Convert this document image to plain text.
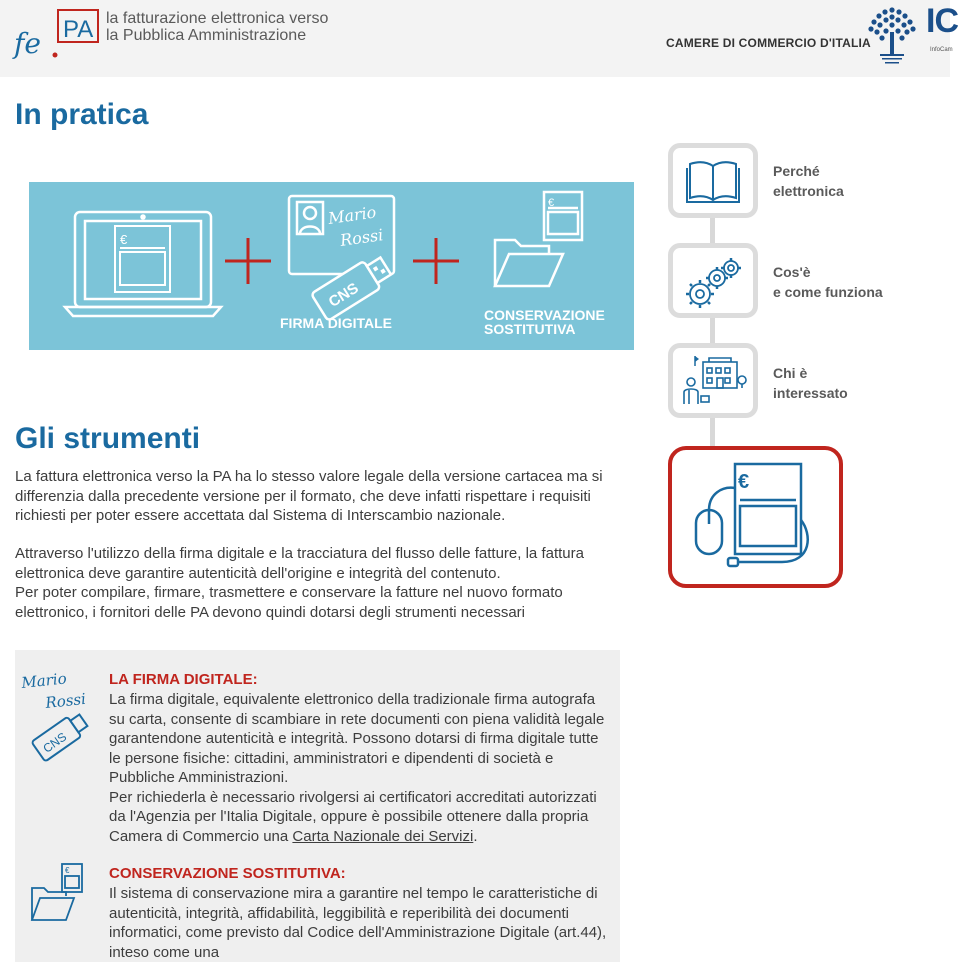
fe PA la fatturazione elettronica verso
la Pubblica Amministrazione	CAMERE DI COMMERCIO D'ITALIA
IC
InfoCam
In pratica
€
Mario
Rossi
CNS
€
FIRMA DIGITALE	CONSERVAZIONE
SOSTITUTIVA
Gli strumenti
La fattura elettronica verso la PA ha lo stesso valore legale della versione cartacea ma si differenzia dalla precedente versione per il formato, che deve infatti rispettare i requisiti richiesti per poter essere accettata dal Sistema di Interscambio nazionale.
Attraverso l'utilizzo della firma digitale e la tracciatura del flusso delle fatture, la fattura elettronica deve garantire autenticità dell'origine e integrità del contenuto.
Per poter compilare, firmare, trasmettere e conservare la fatture nel nuovo formato elettronico, i fornitori delle PA devono quindi dotarsi degli strumenti necessari
Perché
elettronica
Cos'è
e come funziona
Chi è
interessato
€
Mario
Rossi
CNS
LA FIRMA DIGITALE:
La firma digitale, equivalente elettronico della tradizionale firma autografa su carta, consente di scambiare in rete documenti con piena validità legale garantendone autenticità e integrità. Possono dotarsi di firma digitale tutte le persone fisiche: cittadini, amministratori e dipendenti di società e Pubbliche Amministrazioni.
Per richiederla è necessario rivolgersi ai certificatori accreditati autorizzati da l'Agenzia per l'Italia Digitale, oppure è possibile ottenere dalla propria Camera di Commercio una Carta Nazionale dei Servizi.
€	CONSERVAZIONE SOSTITUTIVA:
Il sistema di conservazione mira a garantire nel tempo le caratteristiche di autenticità, integrità, affidabilità, leggibilità e reperibilità dei documenti informatici, come previsto dal Codice dell'Amministrazione Digitale (art.44), inteso come una
